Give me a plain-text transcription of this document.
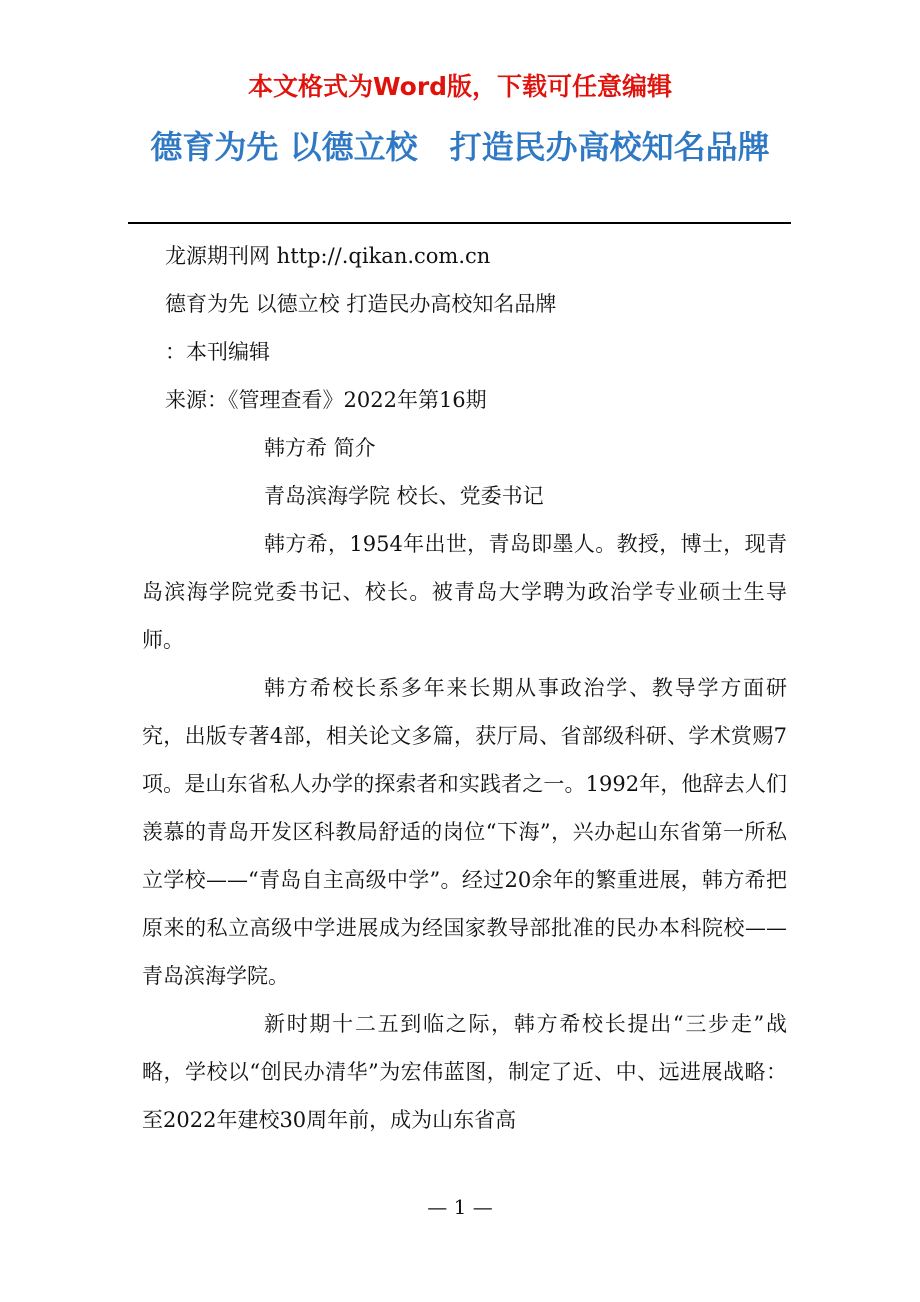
本文格式为Word版，下载可任意编辑
德育为先 以德立校　打造民办高校知名品牌

龙源期刊网 http://.qikan.com.cn

德育为先 以德立校 打造民办高校知名品牌

：本刊编辑

来源：《管理查看》2022年第16期

韩方希 简介

青岛滨海学院 校长、党委书记

韩方希，1954年出世，青岛即墨人。教授，博士，现青岛滨海学院党委书记、校长。被青岛大学聘为政治学专业硕士生导师。

韩方希校长系多年来长期从事政治学、教导学方面研究，出版专著4部，相关论文多篇，获厅局、省部级科研、学术赏赐7项。是山东省私人办学的探索者和实践者之一。1992年，他辞去人们羡慕的青岛开发区科教局舒适的岗位“下海”，兴办起山东省第一所私立学校——“青岛自主高级中学”。经过20余年的繁重进展，韩方希把原来的私立高级中学进展成为经国家教导部批准的民办本科院校——青岛滨海学院。

新时期十二五到临之际，韩方希校长提出“三步走”战略，学校以“创民办清华”为宏伟蓝图，制定了近、中、远进展战略：至2022年建校30周年前，成为山东省高

— 1 —
